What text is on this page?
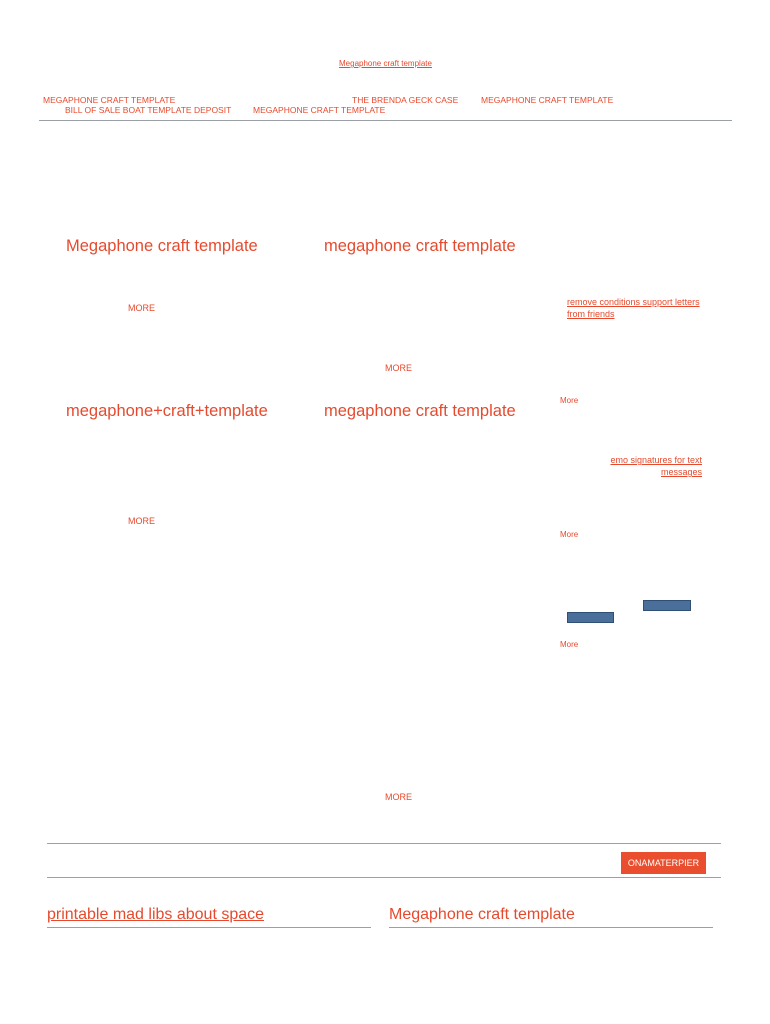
Megaphone craft template
MEGAPHONE CRAFT TEMPLATE	THE BRENDA GECK CASE	MEGAPHONE CRAFT TEMPLATE
BILL OF SALE BOAT TEMPLATE DEPOSIT	MEGAPHONE CRAFT TEMPLATE
Megaphone craft template
MORE
megaphone craft template
MORE
megaphone+craft+template
MORE
megaphone craft template
MORE
remove conditions support letters from friends
More
emo signatures for text messages
More
More
ONAMATERPIER WORD
printable mad libs about space	Megaphone craft template
